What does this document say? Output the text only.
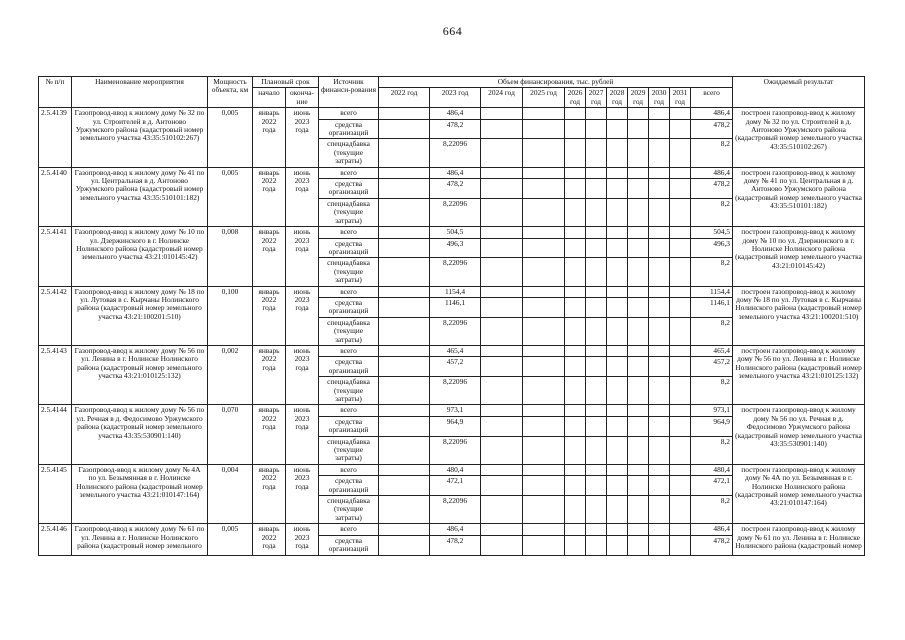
664
№ п/п	Наименование мероприятия	Мощность объекта, км	Плановый срок		Источник финанси-рования	Объем финансирования, тыс. рублей											Ожидаемый результат
			начало	оконча-ние		2022 год	2023 год	2024 год	2025 год	2026 год	2027 год	2028 год	2029 год	2030 год	2031 год	всего	
2.5.4139	Газопровод-ввод к жилому дому № 32 по ул. Строителей в д. Антоново Уржумского района (кадастровый номер земельного участка 43:35:510102:267)	0,005	январь 2022 года	июнь 2023 года	всего		486,4									486,4	построен газопровод-ввод к жилому дому № 32 по ул. Строителей в д. Антоново Уржумского района (кадастровый номер земельного участка 43:35:510102:267)
					средства организаций		478,2									478,2	
					спецнадбавка (текущие затраты)		8,22096									8,2	
2.5.4140	Газопровод-ввод к жилому дому № 41 по ул. Центральная в д. Антоново Уржумского района (кадастровый номер земельного участка 43:35:510101:182)	0,005	январь 2022 года	июнь 2023 года	всего		486,4									486,4	построен газопровод-ввод к жилому дому № 41 по ул. Центральная в д. Антоново Уржумского района (кадастровый номер земельного участка 43:35:510101:182)
					средства организаций		478,2									478,2	
					спецнадбавка (текущие затраты)		8,22096									8,2	
2.5.4141	Газопровод-ввод к жилому дому № 10 по ул. Дзержинского в г. Нолинске Нолинского района (кадастровый номер земельного участка 43:21:010145:42)	0,008	январь 2022 года	июнь 2023 года	всего		504,5									504,5	построен газопровод-ввод к жилому дому № 10 по ул. Дзержинского в г. Нолинске Нолинского района (кадастровый номер земельного участка 43:21:010145:42)
					средства организаций		496,3									496,3	
					спецнадбавка (текущие затраты)		8,22096									8,2	
2.5.4142	Газопровод-ввод к жилому дому № 18 по ул. Лутовая в с. Кырчаны Нолинского района (кадастровый номер земельного участка 43:21:100201:510)	0,100	январь 2022 года	июнь 2023 года	всего		1154,4									1154,4	построен газопровод-ввод к жилому дому № 18 по ул. Лутовая в с. Кырчаны Нолинского района (кадастровый номер земельного участка 43:21:100201:510)
					средства организаций		1146,1									1146,1	
					спецнадбавка (текущие затраты)		8,22096									8,2	
2.5.4143	Газопровод-ввод к жилому дому № 56 по ул. Ленина в г. Нолинске Нолинского района (кадастровый номер земельного участка 43:21:010125:132)	0,002	январь 2022 года	июнь 2023 года	всего		465,4									465,4	построен газопровод-ввод к жилому дому № 56 по ул. Ленина в г. Нолинске Нолинского района (кадастровый номер земельного участка 43:21:010125:132)
					средства организаций		457,2									457,2	
					спецнадбавка (текущие затраты)		8,22096									8,2	
2.5.4144	Газопровод-ввод к жилому дому № 56 по ул. Речная в д. Федосимово Уржумского района (кадастровый номер земельного участка 43:35:530901:140)	0,070	январь 2022 года	июнь 2023 года	всего		973,1									973,1	построен газопровод-ввод к жилому дому № 56 по ул. Речная в д. Федосимово Уржумского района (кадастровый номер земельного участка 43:35:530901:140)
					средства организаций		964,9									964,9	
					спецнадбавка (текущие затраты)		8,22096									8,2	
2.5.4145	Газопровод-ввод к жилому дому № 4А по ул. Безымянная в г. Нолинске Нолинского района (кадастровый номер земельного участка 43:21:010147:164)	0,004	январь 2022 года	июнь 2023 года	всего		480,4									480,4	построен газопровод-ввод к жилому дому № 4А по ул. Безымянная в г. Нолинске Нолинского района (кадастровый номер земельного участка 43:21:010147:164)
					средства организаций		472,1									472,1	
					спецнадбавка (текущие затраты)		8,22096									8,2	
2.5.4146	Газопровод-ввод к жилому дому № 61 по ул. Ленина в г. Нолинске Нолинского района (кадастровый номер земельного	0,005	январь 2022 года	июнь 2023 года	всего		486,4									486,4	построен газопровод-ввод к жилому дому № 61 по ул. Ленина в г. Нолинске Нолинского района (кадастровый номер
					средства организаций		478,2									478,2	
